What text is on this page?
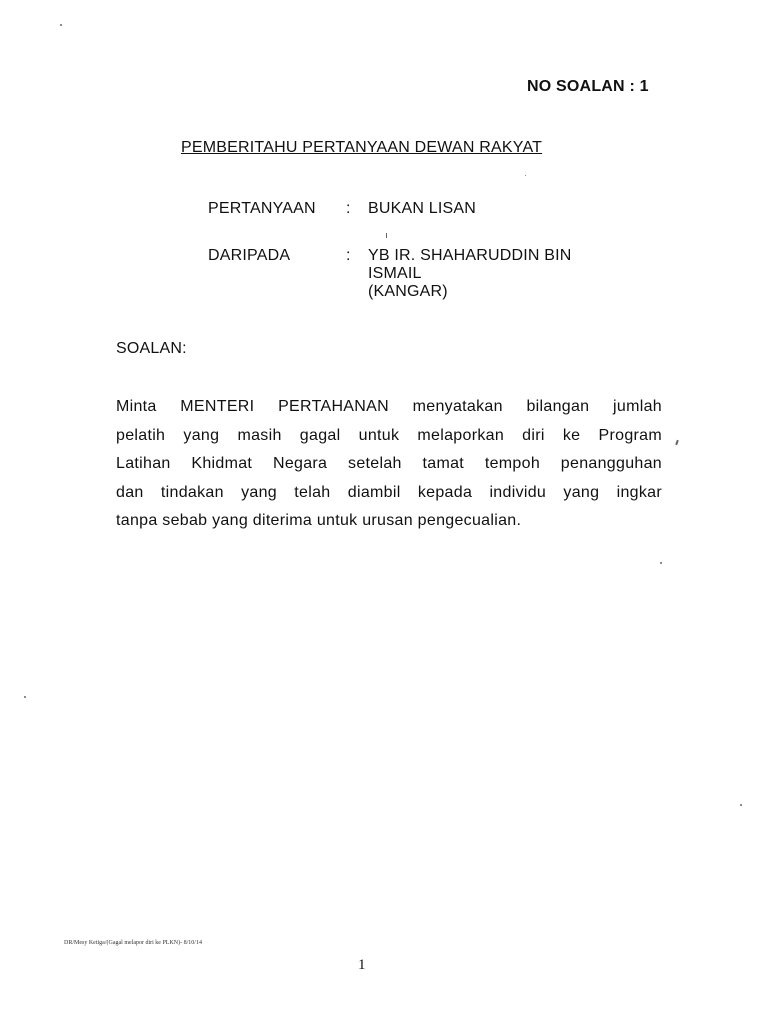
NO SOALAN : 1
PEMBERITAHU PERTANYAAN DEWAN RAKYAT
PERTANYAAN : BUKAN LISAN
DARIPADA	: YB IR. SHAHARUDDIN BIN
ISMAIL
(KANGAR)
SOALAN:
Minta MENTERI PERTAHANAN menyatakan bilangan jumlah
pelatih yang masih gagal untuk melaporkan diri ke Program
Latihan Khidmat Negara setelah tamat tempoh penangguhan
dan tindakan yang telah diambil kepada individu yang ingkar
tanpa sebab yang diterima untuk urusan pengecualian.
DR/Mesy Ketiga/(Gagal melapor diri ke PLKN)- 8/10/14
1
